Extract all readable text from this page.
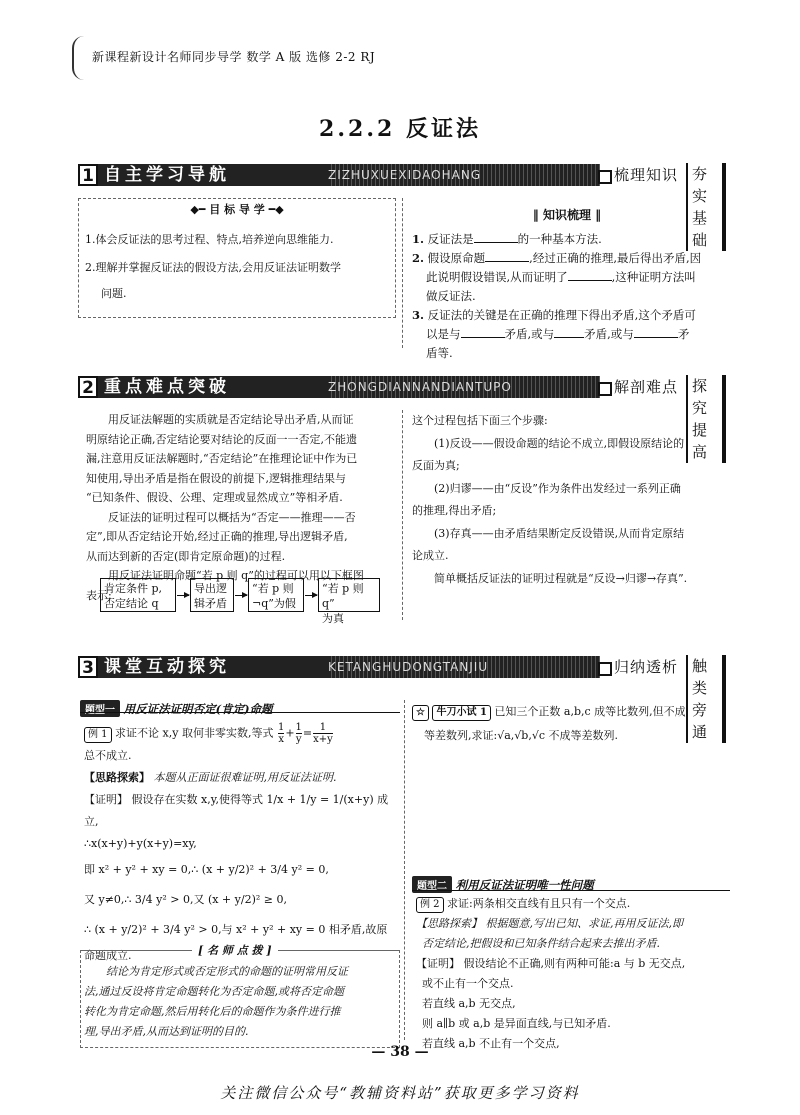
新课程新设计名师同步导学 数学 A 版 选修 2-2 RJ
2.2.2 反证法
1 自主学习导航	ZIZHUXUEXIDAOHANG	梳理知识 夯实基础
◆━ 目 标 导 学 ━◆
1.体会反证法的思考过程、特点,培养逆向思维能力.
2.理解并掌握反证法的假设方法,会用反证法证明数学
问题.
‖ 知识梳理 ‖
1. 反证法是	的一种基本方法.
2. 假设原命题	,经过正确的推理,最后得出矛盾,因
此说明假设错误,从而证明了	,这种证明方法叫
做反证法.
3. 反证法的关键是在正确的推理下得出矛盾,这个矛盾可
以是与	矛盾,或与	矛盾,或与	矛
盾等.
2 重点难点突破	ZHONGDIANNANDIANTUPO	解剖难点 探究提高

用反证法解题的实质就是否定结论导出矛盾,从而证

明原结论正确,否定结论要对结论的反面一一否定,不能遗

漏,注意用反证法解题时,“否定结论”在推理论证中作为已

知使用,导出矛盾是指在假设的前提下,逻辑推理结果与

“已知条件、假设、公理、定理或显然成立”等相矛盾.

反证法的证明过程可以概括为“否定——推理——否

定”,即从否定结论开始,经过正确的推理,导出逻辑矛盾,

从而达到新的否定(即肯定原命题)的过程.

用反证法证明命题“若 p 则 q”的过程可以用以下框图

表示:

肯定条件 p,
否定结论 q
导出逻
辑矛盾
“若 p 则
¬q”为假
“若 p 则 q”
为真

这个过程包括下面三个步骤:

(1)反设——假设命题的结论不成立,即假设原结论的

反面为真;

(2)归谬——由“反设”作为条件出发经过一系列正确

的推理,得出矛盾;

(3)存真——由矛盾结果断定反设错误,从而肯定原结

论成立.

简单概括反证法的证明过程就是“反设→归谬→存真”.

3 课堂互动探究	KETANGHUDONGTANJIU	归纳透析 触类旁通
题型一 用反证法证明否定(肯定)命题
例 1 求证不论 x,y 取何非零实数,等式 $\frac{1}{x} + \frac{1}{y} = \frac{1}{x+y}$
总不成立.
【思路探索】 本题从正面证很难证明,用反证法证明.
【证明】 假设存在实数 x,y,使得等式 1/x + 1/y = 1/(x+y) 成立,
∴x(x+y)+y(x+y)=xy,
即 x² + y² + xy = 0,∴ (x + y/2)² + 3/4 y² = 0,
又 y≠0,∴ 3/4 y² > 0,又 (x + y/2)² ≥ 0,
∴ (x + y/2)² + 3/4 y² > 0,与 x² + y² + xy = 0 相矛盾,故原
命题成立.	[ 名 师 点 拨 ]

结论为肯定形式或否定形式的命题的证明常用反证

法,通过反设将肯定命题转化为否定命题,或将否定命题

转化为肯定命题,然后用转化后的命题作为条件进行推

理,导出矛盾,从而达到证明的目的.

☆ 牛刀小试 1 已知三个正数 a,b,c 成等比数列,但不成
等差数列,求证:√a,√b,√c 不成等差数列.
题型二 利用反证法证明唯一性问题
例 2 求证:两条相交直线有且只有一个交点.
【思路探索】 根据题意,写出已知、求证,再用反证法,即
否定结论,把假设和已知条件结合起来去推出矛盾.
【证明】 假设结论不正确,则有两种可能:a 与 b 无交点,
或不止有一个交点.
若直线 a,b 无交点,
则 a∥b 或 a,b 是异面直线,与已知矛盾.
若直线 a,b 不止有一个交点,
— 38 —
关注微信公众号“教辅资料站”获取更多学习资料
